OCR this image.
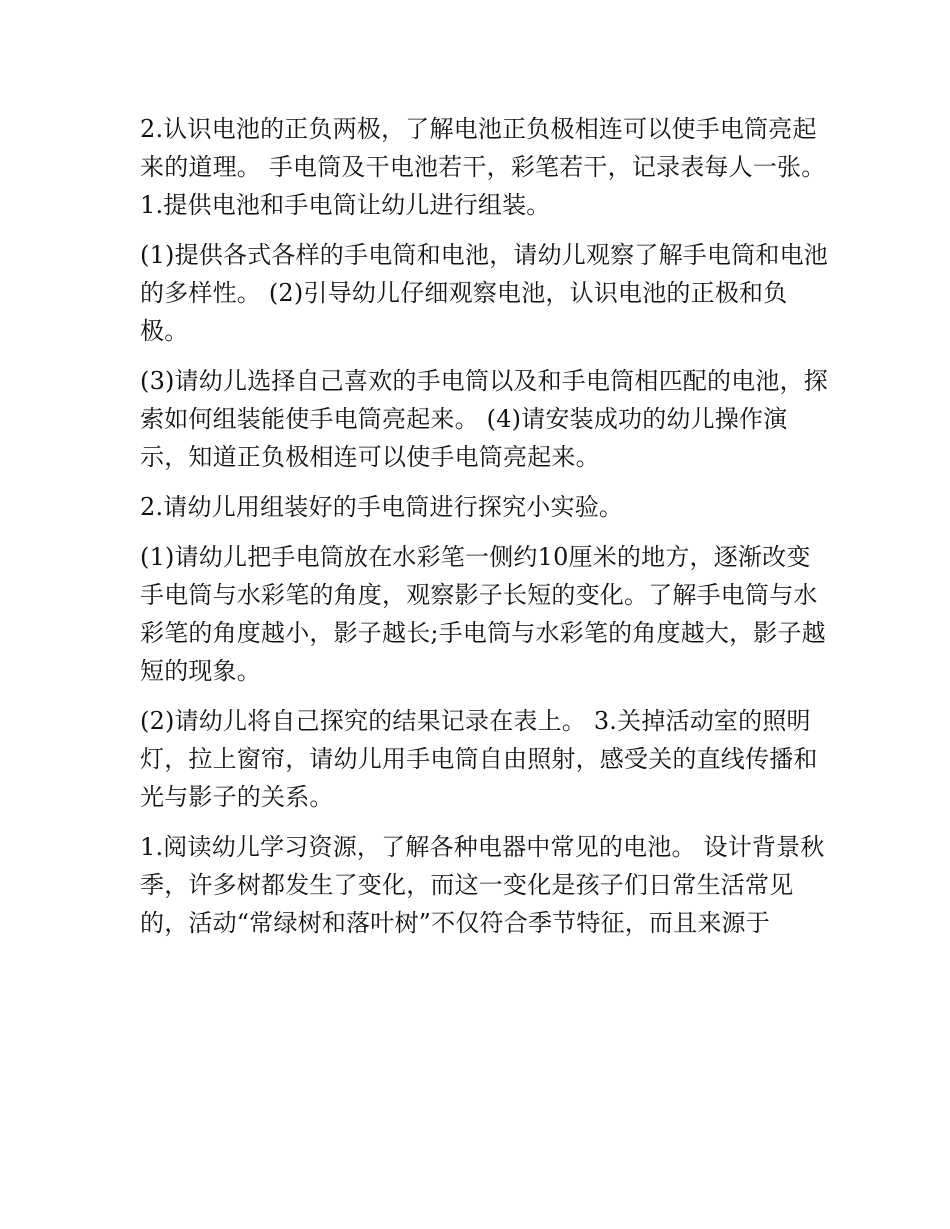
2.认识电池的正负两极，了解电池正负极相连可以使手电筒亮起来的道理。 手电筒及干电池若干，彩笔若干，记录表每人一张。 1.提供电池和手电筒让幼儿进行组装。

(1)提供各式各样的手电筒和电池，请幼儿观察了解手电筒和电池的多样性。 (2)引导幼儿仔细观察电池，认识电池的正极和负极。

(3)请幼儿选择自己喜欢的手电筒以及和手电筒相匹配的电池，探索如何组装能使手电筒亮起来。 (4)请安装成功的幼儿操作演示，知道正负极相连可以使手电筒亮起来。

2.请幼儿用组装好的手电筒进行探究小实验。

(1)请幼儿把手电筒放在水彩笔一侧约10厘米的地方，逐渐改变手电筒与水彩笔的角度，观察影子长短的变化。了解手电筒与水彩笔的角度越小，影子越长;手电筒与水彩笔的角度越大，影子越短的现象。

(2)请幼儿将自己探究的结果记录在表上。 3.关掉活动室的照明灯，拉上窗帘，请幼儿用手电筒自由照射，感受关的直线传播和光与影子的关系。

1.阅读幼儿学习资源，了解各种电器中常见的电池。 设计背景秋季，许多树都发生了变化，而这一变化是孩子们日常生活常见的，活动“常绿树和落叶树”不仅符合季节特征，而且来源于
